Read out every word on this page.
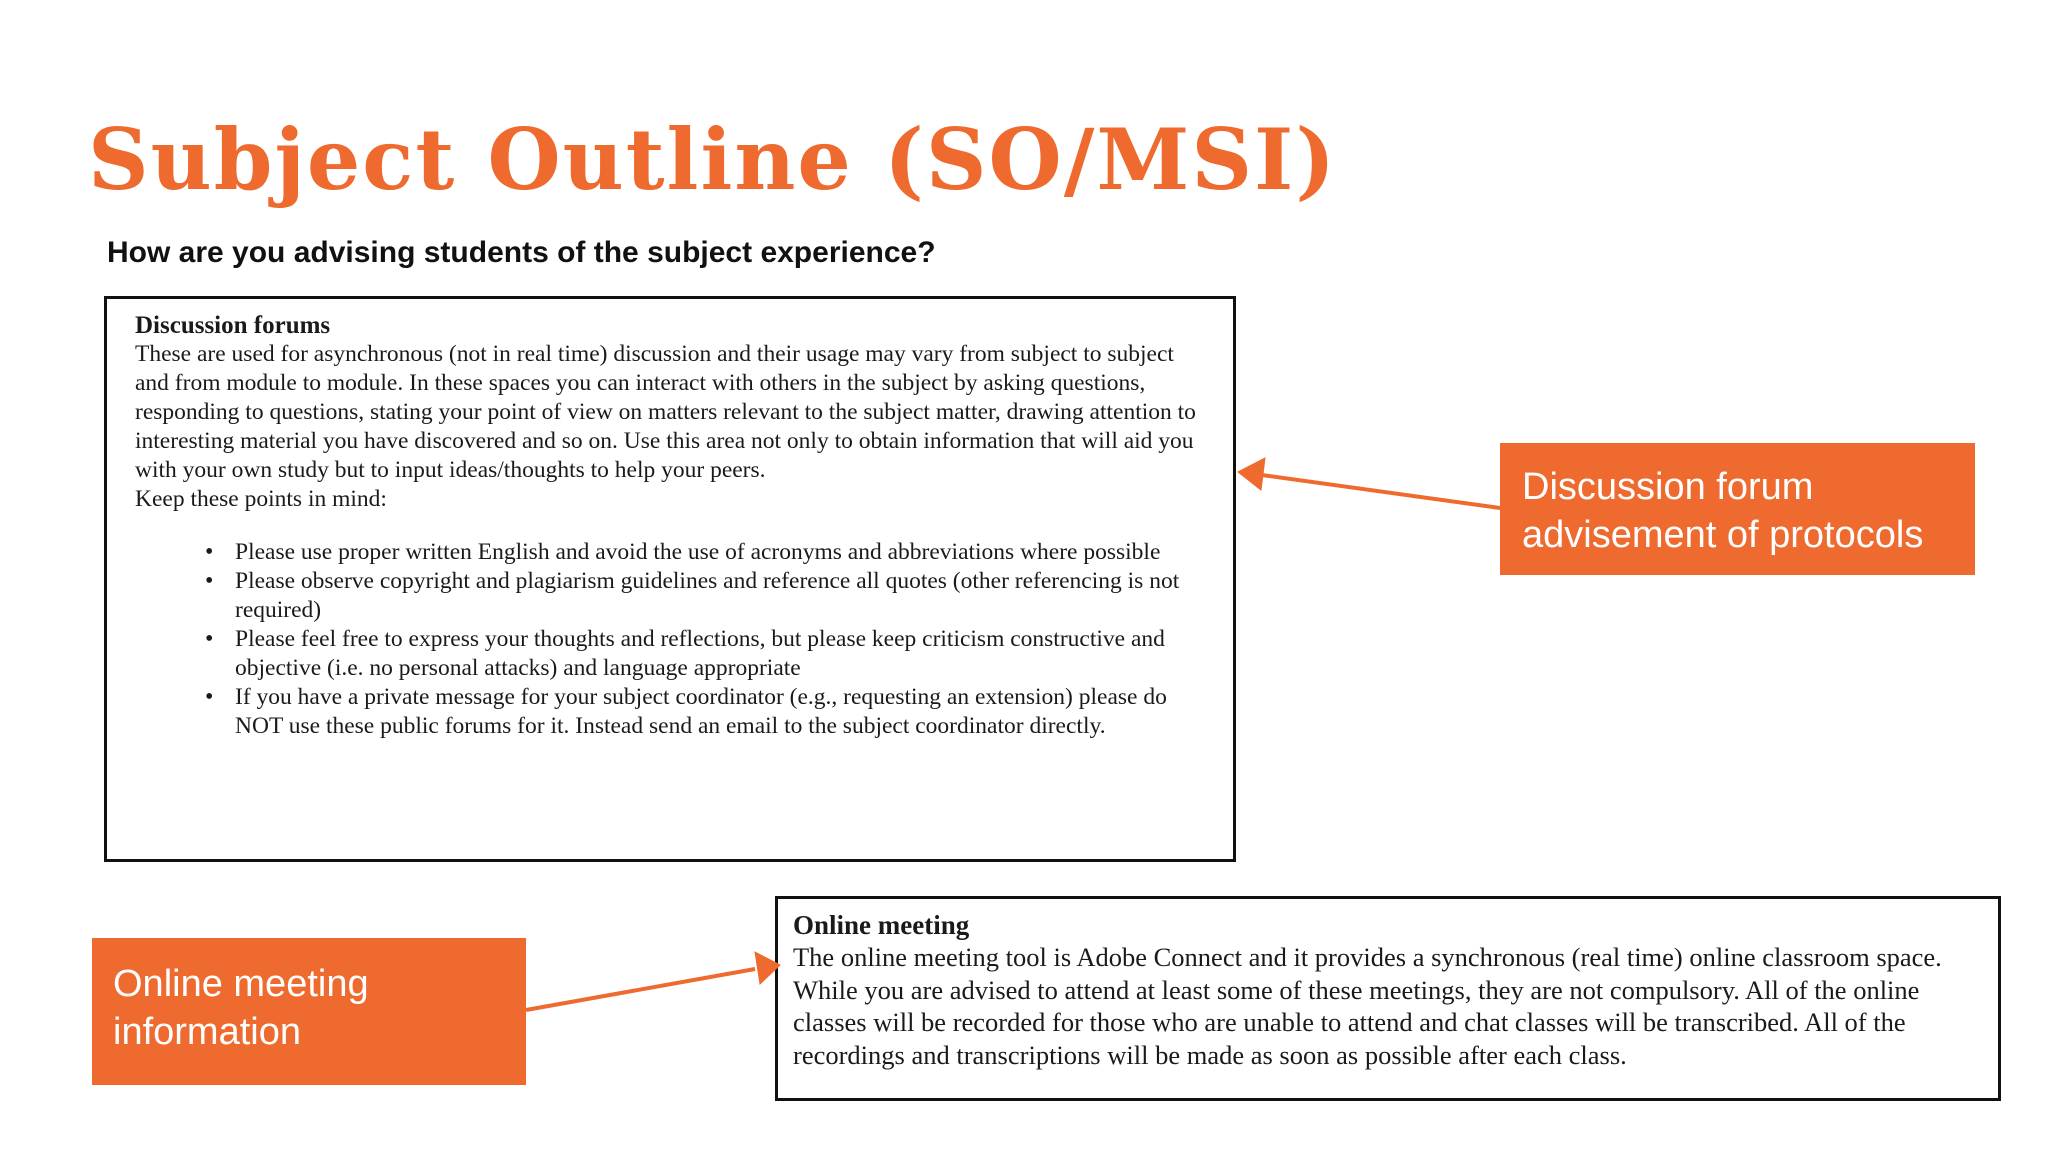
Subject Outline (SO/MSI)

How are you advising students of the subject experience?

Discussion forums

These are used for asynchronous (not in real time) discussion and their usage may vary from subject to subject and from module to module. In these spaces you can interact with others in the subject by asking questions, responding to questions, stating your point of view on matters relevant to the subject matter, drawing attention to interesting material you have discovered and so on. Use this area not only to obtain information that will aid you with your own study but to input ideas/thoughts to help your peers.

Keep these points in mind:

• Please use proper written English and avoid the use of acronyms and abbreviations where possible
• Please observe copyright and plagiarism guidelines and reference all quotes (other referencing is not required)
• Please feel free to express your thoughts and reflections, but please keep criticism constructive and objective (i.e. no personal attacks) and language appropriate
• If you have a private message for your subject coordinator (e.g., requesting an extension) please do NOT use these public forums for it. Instead send an email to the subject coordinator directly.
Online meeting

The online meeting tool is Adobe Connect and it provides a synchronous (real time) online classroom space. While you are advised to attend at least some of these meetings, they are not compulsory. All of the online classes will be recorded for those who are unable to attend and chat classes will be transcribed. All of the recordings and transcriptions will be made as soon as possible after each class.

Discussion forum advisement of protocols
Online meeting information
